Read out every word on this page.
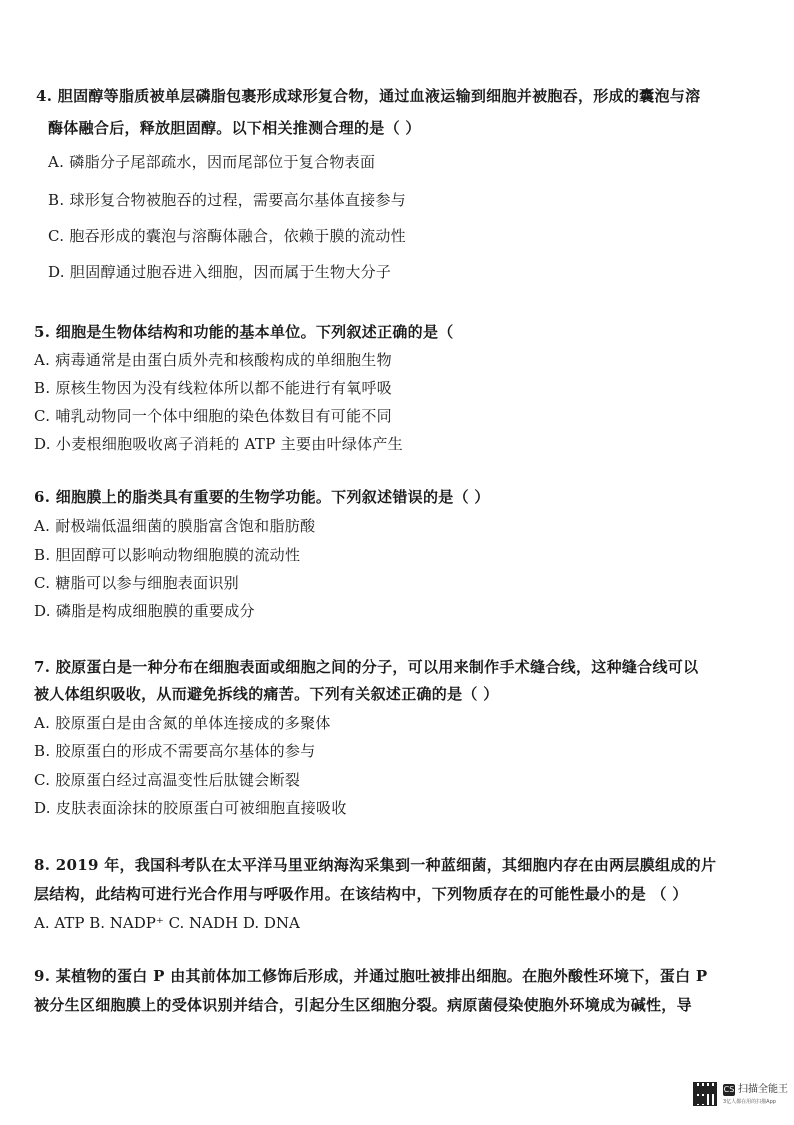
4. 胆固醇等脂质被单层磷脂包裹形成球形复合物，通过血液运输到细胞并被胞吞，形成的囊泡与溶
酶体融合后，释放胆固醇。以下相关推测合理的是（ ）
A. 磷脂分子尾部疏水，因而尾部位于复合物表面
B. 球形复合物被胞吞的过程，需要高尔基体直接参与
C. 胞吞形成的囊泡与溶酶体融合，依赖于膜的流动性
D. 胆固醇通过胞吞进入细胞，因而属于生物大分子
5. 细胞是生物体结构和功能的基本单位。下列叙述正确的是（
A. 病毒通常是由蛋白质外壳和核酸构成的单细胞生物
B. 原核生物因为没有线粒体所以都不能进行有氧呼吸
C. 哺乳动物同一个体中细胞的染色体数目有可能不同
D. 小麦根细胞吸收离子消耗的 ATP 主要由叶绿体产生
6. 细胞膜上的脂类具有重要的生物学功能。下列叙述错误的是（ ）
A. 耐极端低温细菌的膜脂富含饱和脂肪酸
B. 胆固醇可以影响动物细胞膜的流动性
C. 糖脂可以参与细胞表面识别
D. 磷脂是构成细胞膜的重要成分
7. 胶原蛋白是一种分布在细胞表面或细胞之间的分子，可以用来制作手术缝合线，这种缝合线可以
被人体组织吸收，从而避免拆线的痛苦。下列有关叙述正确的是（ ）
A. 胶原蛋白是由含氮的单体连接成的多聚体
B. 胶原蛋白的形成不需要高尔基体的参与
C. 胶原蛋白经过高温变性后肽键会断裂
D. 皮肤表面涂抹的胶原蛋白可被细胞直接吸收
8. 2019 年，我国科考队在太平洋马里亚纳海沟采集到一种蓝细菌，其细胞内存在由两层膜组成的片
层结构，此结构可进行光合作用与呼吸作用。在该结构中，下列物质存在的可能性最小的是 （ ）
A. ATP B. NADP⁺ C. NADH D. DNA
9. 某植物的蛋白 P 由其前体加工修饰后形成，并通过胞吐被排出细胞。在胞外酸性环境下，蛋白 P
被分生区细胞膜上的受体识别并结合，引起分生区细胞分裂。病原菌侵染使胞外环境成为碱性，导
CS 扫描全能王
3亿人都在用的扫描App
